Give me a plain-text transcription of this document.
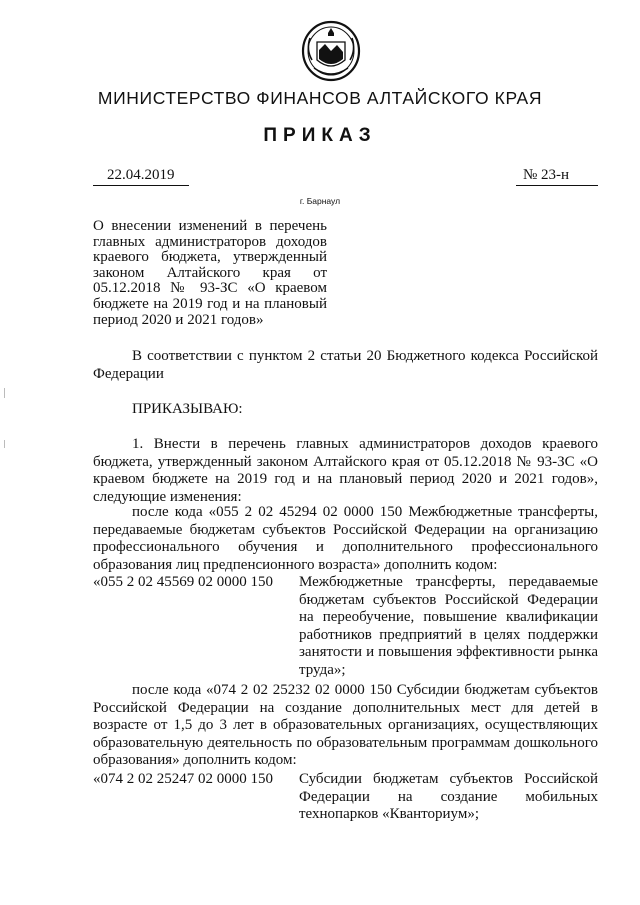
МИНИСТЕРСТВО ФИНАНСОВ АЛТАЙСКОГО КРАЯ
ПРИКАЗ
22.04.2019	№ 23-н
г. Барнаул
О внесении изменений в перечень главных администраторов доходов краевого бюджета, утвержденный законом Алтайского края от 05.12.2018 № 93-ЗС «О краевом бюджете на 2019 год и на плановый период 2020 и 2021 годов»
В соответствии с пунктом 2 статьи 20 Бюджетного кодекса Российской Федерации
ПРИКАЗЫВАЮ:
1. Внести в перечень главных администраторов доходов краевого бюджета, утвержденный законом Алтайского края от 05.12.2018 № 93-ЗС «О краевом бюджете на 2019 год и на плановый период 2020 и 2021 годов», следующие изменения:
после кода «055 2 02 45294 02 0000 150 Межбюджетные трансферты, передаваемые бюджетам субъектов Российской Федерации на организацию профессионального обучения и дополнительного профессионального образования лиц предпенсионного возраста» дополнить кодом:
«055 2 02 45569 02 0000 150 Межбюджетные трансферты, передаваемые бюджетам субъектов Российской Федерации на переобучение, повышение квалификации работников предприятий в целях поддержки занятости и повышения эффективности рынка труда»;
после кода «074 2 02 25232 02 0000 150 Субсидии бюджетам субъектов Российской Федерации на создание дополнительных мест для детей в возрасте от 1,5 до 3 лет в образовательных организациях, осуществляющих образовательную деятельность по образовательным программам дошкольного образования» дополнить кодом:
«074 2 02 25247 02 0000 150 Субсидии бюджетам субъектов Российской Федерации на создание мобильных технопарков «Кванториум»;
